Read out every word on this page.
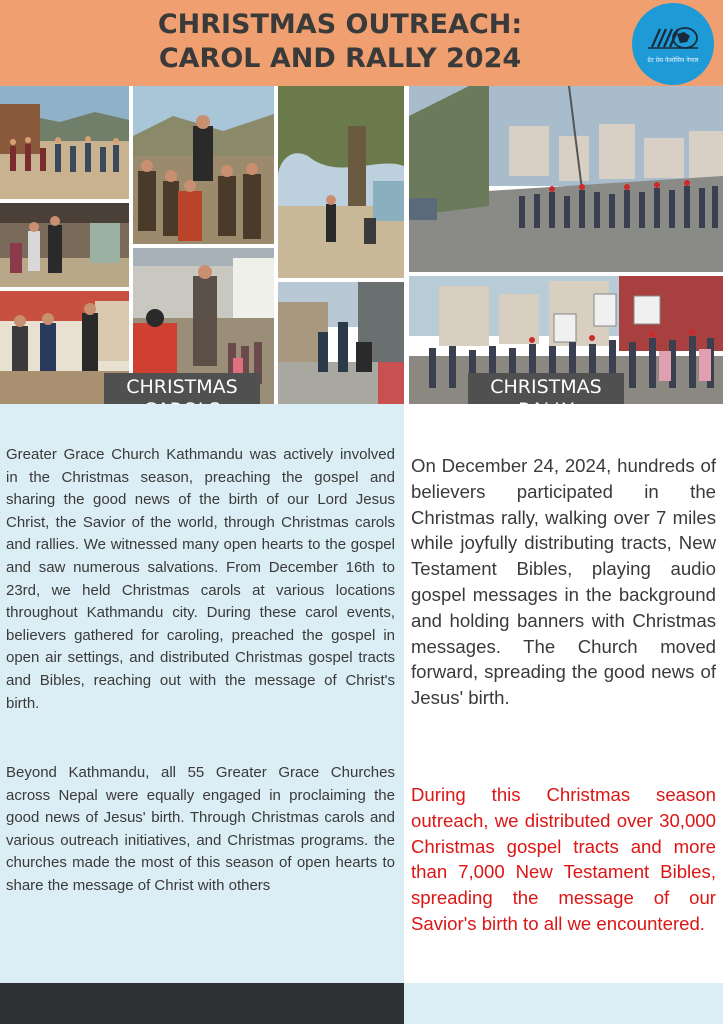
CHRISTMAS OUTREACH:
CAROL AND RALLY 2024	ग्रेट ग्रेस फेलोसिप नेपाल
CHRISTMAS	CHRISTMAS

Greater Grace Church Kathmandu was actively involved in the Christmas season, preaching the gospel and sharing the good news of the birth of our Lord Jesus Christ, the Savior of the world, through Christmas carols and rallies. We witnessed many open hearts to the gospel and saw numerous salvations. From December 16th to 23rd, we held Christmas carols at various locations throughout Kathmandu city. During these carol events, believers gathered for caroling, preached the gospel in open air settings, and distributed Christmas gospel tracts and Bibles, reaching out with the message of Christ's birth.

Beyond Kathmandu, all 55 Greater Grace Churches across Nepal were equally engaged in proclaiming the good news of Jesus' birth. Through Christmas carols and various outreach initiatives, and Christmas programs. the churches made the most of this season of open hearts to share the message of Christ with others

On December 24, 2024, hundreds of believers participated in the Christmas rally, walking over 7 miles while joyfully distributing tracts, New Testament Bibles, playing audio gospel messages in the background and holding banners with Christmas messages. The Church moved forward, spreading the good news of Jesus' birth.

During this Christmas season outreach, we distributed over 30,000 Christmas gospel tracts and more than 7,000 New Testament Bibles, spreading the message of our Savior's birth to all we encountered.
